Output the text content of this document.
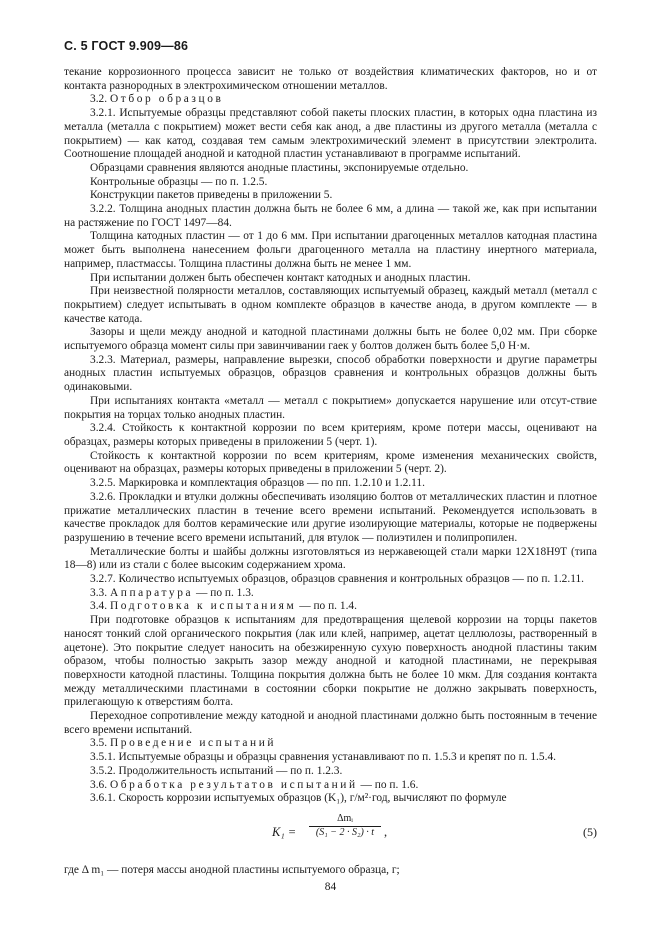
С. 5 ГОСТ 9.909—86

текание коррозионного процесса зависит не только от воздействия климатических факторов, но и от контакта разнородных в электрохимическом отношении металлов.

3.2. Отбор образцов

3.2.1. Испытуемые образцы представляют собой пакеты плоских пластин, в которых одна пластина из металла (металла с покрытием) может вести себя как анод, а две пластины из другого металла (металла с покрытием) — как катод, создавая тем самым электрохимический элемент в присутствии электролита. Соотношение площадей анодной и катодной пластин устанавливают в программе испытаний.

Образцами сравнения являются анодные пластины, экспонируемые отдельно.

Контрольные образцы — по п. 1.2.5.

Конструкции пакетов приведены в приложении 5.

3.2.2. Толщина анодных пластин должна быть не более 6 мм, а длина — такой же, как при испытании на растяжение по ГОСТ 1497—84.

Толщина катодных пластин — от 1 до 6 мм. При испытании драгоценных металлов катодная пластина может быть выполнена нанесением фольги драгоценного металла на пластину инертного материала, например, пластмассы. Толщина пластины должна быть не менее 1 мм.

При испытании должен быть обеспечен контакт катодных и анодных пластин.

При неизвестной полярности металлов, составляющих испытуемый образец, каждый металл (металл с покрытием) следует испытывать в одном комплекте образцов в качестве анода, в другом комплекте — в качестве катода.

Зазоры и щели между анодной и катодной пластинами должны быть не более 0,02 мм. При сборке испытуемого образца момент силы при завинчивании гаек у болтов должен быть более 5,0 Н·м.

3.2.3. Материал, размеры, направление вырезки, способ обработки поверхности и другие параметры анодных пластин испытуемых образцов, образцов сравнения и контрольных образцов должны быть одинаковыми.

При испытаниях контакта «металл — металл с покрытием» допускается нарушение или отсут-ствие покрытия на торцах только анодных пластин.

3.2.4. Стойкость к контактной коррозии по всем критериям, кроме потери массы, оценивают на образцах, размеры которых приведены в приложении 5 (черт. 1).

Стойкость к контактной коррозии по всем критериям, кроме изменения механических свойств, оценивают на образцах, размеры которых приведены в приложении 5 (черт. 2).

3.2.5. Маркировка и комплектация образцов — по пп. 1.2.10 и 1.2.11.

3.2.6. Прокладки и втулки должны обеспечивать изоляцию болтов от металлических пластин и плотное прижатие металлических пластин в течение всего времени испытаний. Рекомендуется использовать в качестве прокладок для болтов керамические или другие изолирующие материалы, которые не подвержены разрушению в течение всего времени испытаний, для втулок — полиэтилен и полипропилен.

Металлические болты и шайбы должны изготовляться из нержавеющей стали марки 12Х18Н9Т (типа 18—8) или из стали с более высоким содержанием хрома.

3.2.7. Количество испытуемых образцов, образцов сравнения и контрольных образцов — по п. 1.2.11.

3.3. Аппаратура — по п. 1.3.

3.4. Подготовка к испытаниям — по п. 1.4.

При подготовке образцов к испытаниям для предотвращения щелевой коррозии на торцы пакетов наносят тонкий слой органического покрытия (лак или клей, например, ацетат целлюлозы, растворенный в ацетоне). Это покрытие следует наносить на обезжиренную сухую поверхность анодной пластины таким образом, чтобы полностью закрыть зазор между анодной и катодной пластинами, не перекрывая поверхности катодной пластины. Толщина покрытия должна быть не более 10 мкм. Для создания контакта между металлическими пластинами в состоянии сборки покрытие не должно закрывать поверхность, прилегающую к отверстиям болта.

Переходное сопротивление между катодной и анодной пластинами должно быть постоянным в течение всего времени испытаний.

3.5. Проведение испытаний

3.5.1. Испытуемые образцы и образцы сравнения устанавливают по п. 1.5.3 и крепят по п. 1.5.4.

3.5.2. Продолжительность испытаний — по п. 1.2.3.

3.6. Обработка результатов испытаний — по п. 1.6.

3.6.1. Скорость коррозии испытуемых образцов (K₁), г/м²·год, вычисляют по формуле

K₁ =
Δmᵢ
(S₁ − 2 · S₂) · t ,	(5)

где Δ m₁ — потеря массы анодной пластины испытуемого образца, г;

84
